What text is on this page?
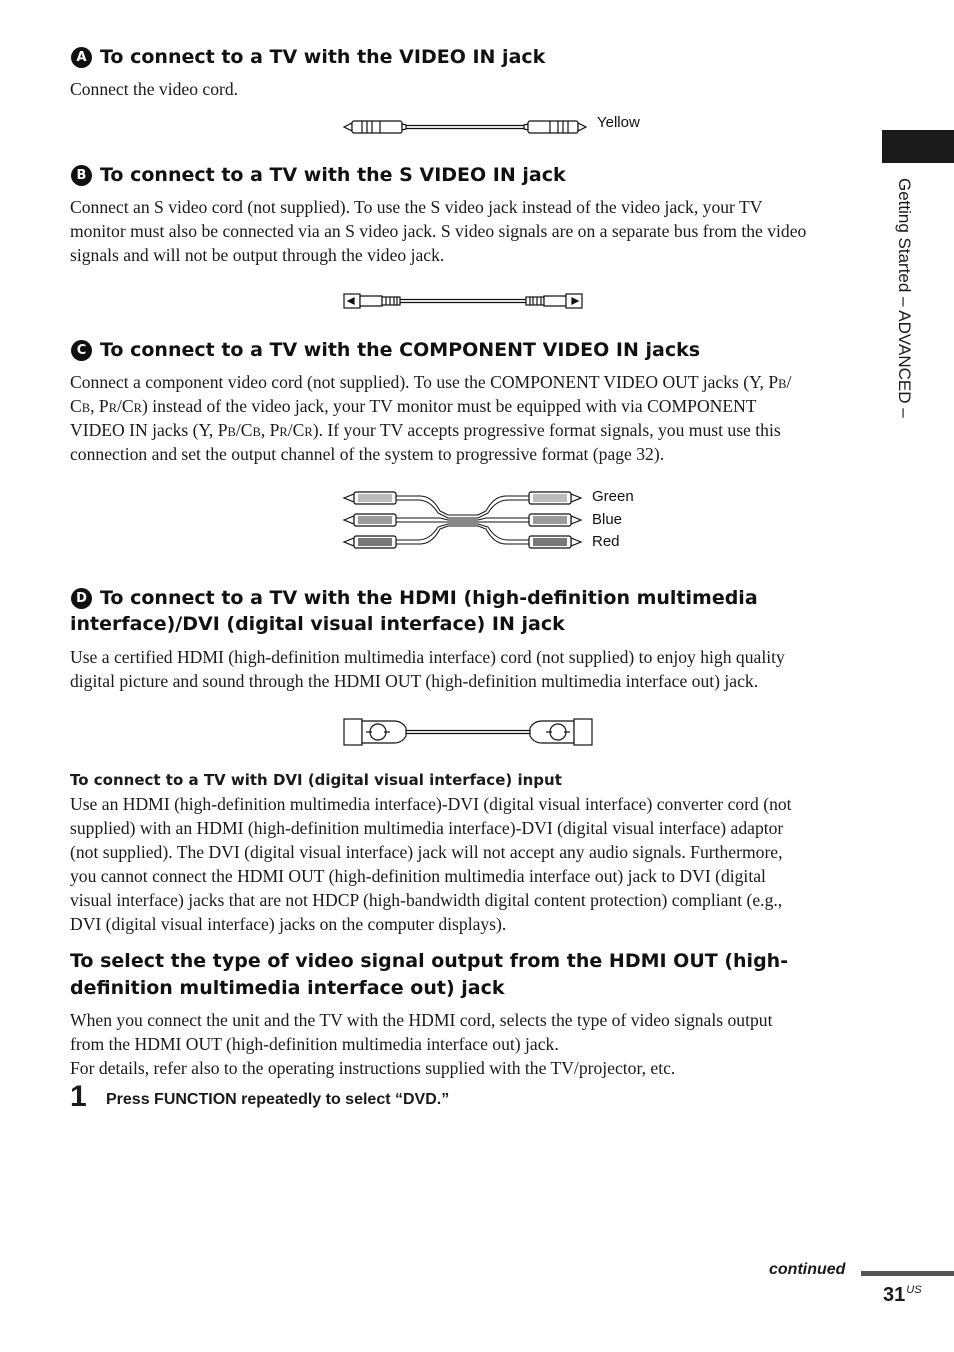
Getting Started – ADVANCED –
A To connect to a TV with the VIDEO IN jack
Connect the video cord.
Yellow
B To connect to a TV with the S VIDEO IN jack
Connect an S video cord (not supplied). To use the S video jack instead of the video jack, your TV
monitor must also be connected via an S video jack. S video signals are on a separate bus from the video
signals and will not be output through the video jack.
C To connect to a TV with the COMPONENT VIDEO IN jacks
Connect a component video cord (not supplied). To use the COMPONENT VIDEO OUT jacks (Y, PB/
CB, PR/CR) instead of the video jack, your TV monitor must be equipped with via COMPONENT
VIDEO IN jacks (Y, PB/CB, PR/CR). If your TV accepts progressive format signals, you must use this
connection and set the output channel of the system to progressive format (page 32).
Green
Blue
Red
D To connect to a TV with the HDMI (high-definition multimedia
interface)/DVI (digital visual interface) IN jack
Use a certified HDMI (high-definition multimedia interface) cord (not supplied) to enjoy high quality
digital picture and sound through the HDMI OUT (high-definition multimedia interface out) jack.
To connect to a TV with DVI (digital visual interface) input
Use an HDMI (high-definition multimedia interface)-DVI (digital visual interface) converter cord (not
supplied) with an HDMI (high-definition multimedia interface)-DVI (digital visual interface) adaptor
(not supplied). The DVI (digital visual interface) jack will not accept any audio signals. Furthermore,
you cannot connect the HDMI OUT (high-definition multimedia interface out) jack to DVI (digital
visual interface) jacks that are not HDCP (high-bandwidth digital content protection) compliant (e.g.,
DVI (digital visual interface) jacks on the computer displays).
To select the type of video signal output from the HDMI OUT (high-
definition multimedia interface out) jack
When you connect the unit and the TV with the HDMI cord, selects the type of video signals output
from the HDMI OUT (high-definition multimedia interface out) jack.
For details, refer also to the operating instructions supplied with the TV/projector, etc.
1 Press FUNCTION repeatedly to select “DVD.”
continued
$31^{US}$
